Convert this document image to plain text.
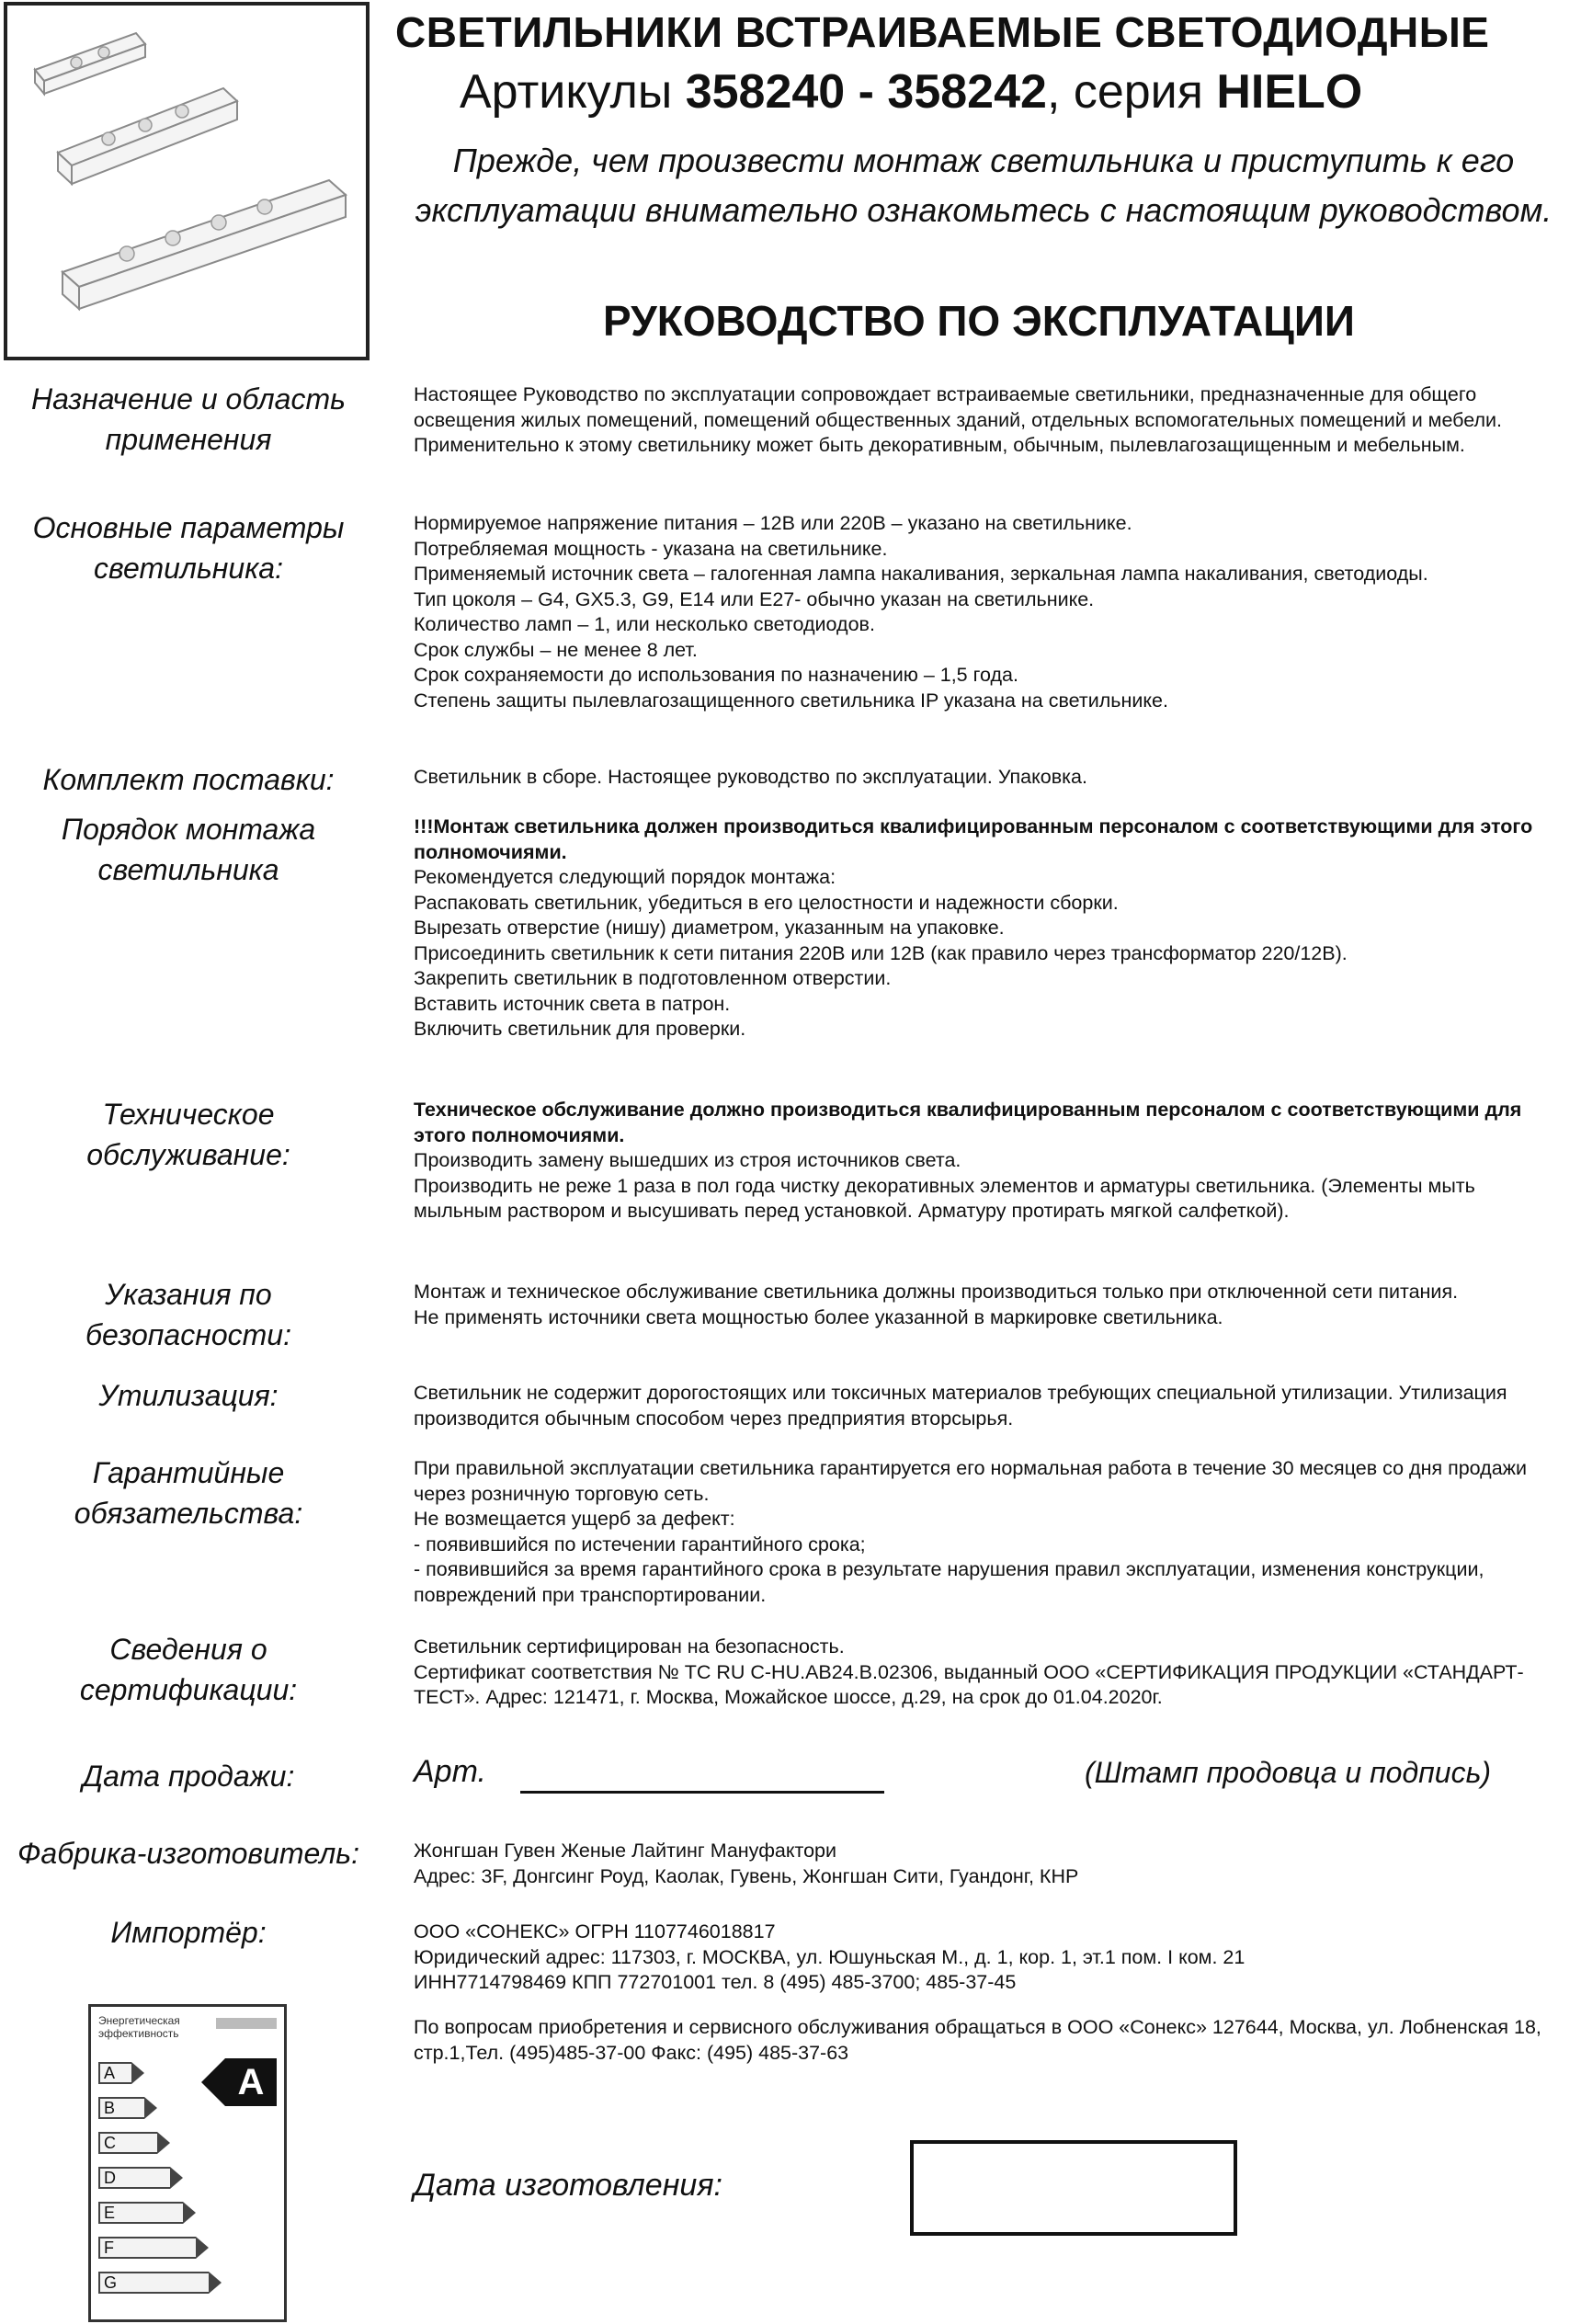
СВЕТИЛЬНИКИ ВСТРАИВАЕМЫЕ СВЕТОДИОДНЫЕ
Артикулы 358240 - 358242, серия HIELO
Прежде, чем произвести монтаж светильника и приступить к его эксплуатации внимательно ознакомьтесь с настоящим руководством.
РУКОВОДСТВО ПО ЭКСПЛУАТАЦИИ
Назначение и область применения

Настоящее Руководство по эксплуатации сопровождает встраиваемые светильники, предназначенные для общего освещения жилых помещений, помещений общественных зданий, отдельных вспомогательных помещений и мебели. Применительно к этому светильнику может быть декоративным, обычным, пылевлагозащищенным и мебельным.

Основные параметры светильника:

Нормируемое напряжение питания – 12В или 220В – указано на светильнике.

Потребляемая мощность - указана на светильнике.

Применяемый источник света – галогенная лампа накаливания, зеркальная лампа накаливания, светодиоды.

Тип цоколя – G4, GX5.3, G9, E14 или E27- обычно указан на светильнике.

Количество ламп – 1, или несколько светодиодов.

Срок службы – не менее 8 лет.

Срок сохраняемости до использования по назначению – 1,5 года.

Степень защиты пылевлагозащищенного светильника IP указана на светильнике.

Комплект поставки:	Светильник в сборе. Настоящее руководство по эксплуатации. Упаковка.

Порядок монтажа светильника

!!!Монтаж светильника должен производиться квалифицированным персоналом с соответствующими для этого полномочиями.

Рекомендуется следующий порядок монтажа:

Распаковать светильник, убедиться в его целостности и надежности сборки.

Вырезать отверстие (нишу) диаметром, указанным на упаковке.

Присоединить светильник к сети питания 220В или 12В (как правило через трансформатор 220/12В).

Закрепить светильник в подготовленном отверстии.

Вставить источник света в патрон.

Включить светильник для проверки.

Техническое обслуживание:

Техническое обслуживание должно производиться квалифицированным персоналом с соответствующими для этого полномочиями.

Производить замену вышедших из строя источников света.

Производить не реже 1 раза в пол года чистку декоративных элементов и арматуры светильника. (Элементы мыть мыльным раствором и высушивать перед установкой. Арматуру протирать мягкой салфеткой).

Указания по безопасности:

Монтаж и техническое обслуживание светильника должны производиться только при отключенной сети питания.

Не применять источники света мощностью более указанной в маркировке светильника.

Утилизация:	Светильник не содержит дорогостоящих или токсичных материалов требующих специальной утилизации. Утилизация производится обычным способом через предприятия вторсырья.

Гарантийные обязательства:

При правильной эксплуатации светильника гарантируется его нормальная работа в течение 30 месяцев со дня продажи через розничную торговую сеть.

Не возмещается ущерб за дефект:

- появившийся по истечении гарантийного срока;

- появившийся за время гарантийного срока в результате нарушения правил эксплуатации, изменения конструкции, повреждений при транспортировании.

Сведения о сертификации:

Светильник сертифицирован на безопасность.

Сертификат соответствия № ТС RU C-HU.АВ24.В.02306, выданный ООО «СЕРТИФИКАЦИЯ ПРОДУКЦИИ «СТАНДАРТ-ТЕСТ». Адрес: 121471, г. Москва, Можайское шоссе, д.29, на срок до 01.04.2020г.

Дата продажи:	Арт.	(Штамп продовца и подпись)
Фабрика-изготовитель:	Жонгшан Гувен Женые Лайтинг Мануфактори

Адрес: 3F, Донгсинг Роуд, Каолак, Гувень, Жонгшан Сити, Гуандонг, КНР

Импортёр:	ООО «СОНЕКС» ОГРН 1107746018817

Юридический адрес: 117303, г. МОСКВА, ул. Юшуньская М., д. 1, кор. 1, эт.1 пом. I ком. 21

ИНН7714798469 КПП 772701001 тел. 8 (495) 485-3700; 485-37-45

По вопросам приобретения и сервисного обслуживания обращаться в ООО «Сонекс» 127644, Москва, ул. Лобненская 18, стр.1,Тел. (495)485-37-00 Факс: (495) 485-37-63

Энергетическая эффективность
A
B
C
D
E
F
G
A
Дата изготовления:
